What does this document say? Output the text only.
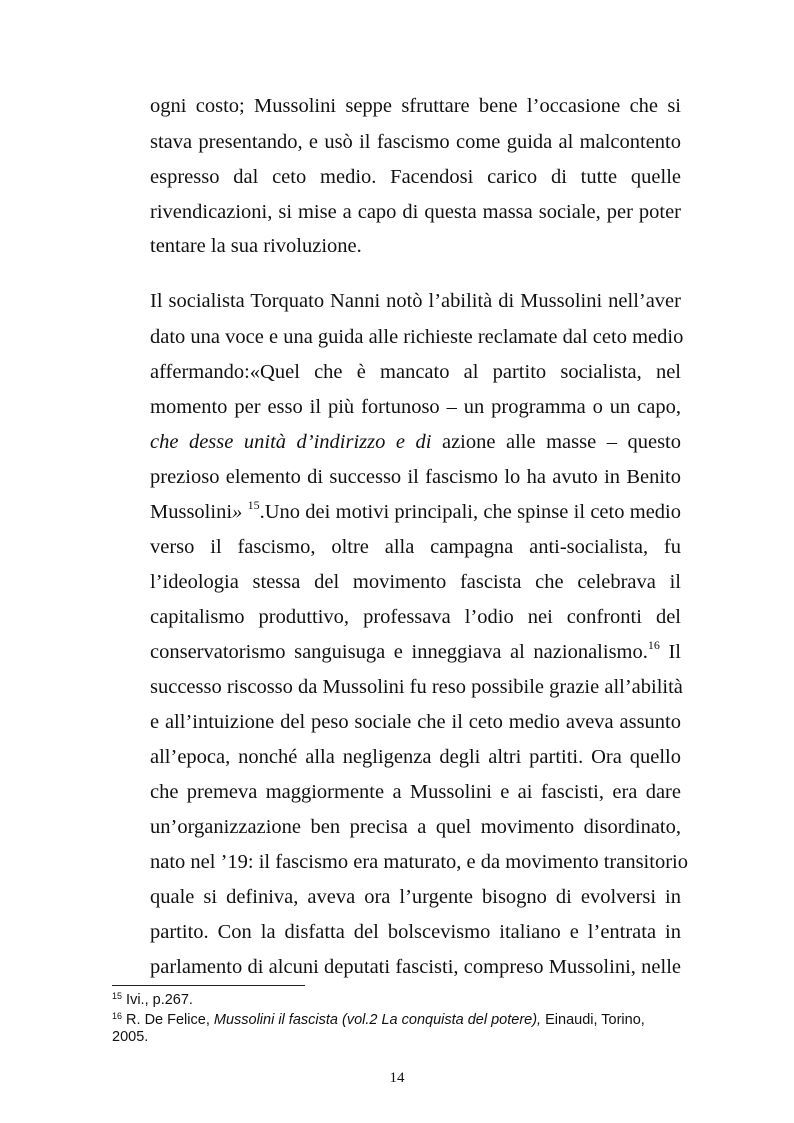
ogni costo; Mussolini seppe sfruttare bene l’occasione che si
stava presentando, e usò il fascismo come guida al malcontento
espresso dal ceto medio. Facendosi carico di tutte quelle
rivendicazioni, si mise a capo di questa massa sociale, per poter
tentare la sua rivoluzione.
Il socialista Torquato Nanni notò l’abilità di Mussolini nell’aver
dato una voce e una guida alle richieste reclamate dal ceto medio
affermando:«Quel che è mancato al partito socialista, nel
momento per esso il più fortunoso – un programma o un capo,
che desse unità d’indirizzo e di azione alle masse – questo
prezioso elemento di successo il fascismo lo ha avuto in Benito
Mussolini» $^{15}$.Uno dei motivi principali, che spinse il ceto medio
verso il fascismo, oltre alla campagna anti-socialista, fu
l’ideologia stessa del movimento fascista che celebrava il
capitalismo produttivo, professava l’odio nei confronti del
conservatorismo sanguisuga e inneggiava al nazionalismo.$^{16}$ Il
successo riscosso da Mussolini fu reso possibile grazie all’abilità
e all’intuizione del peso sociale che il ceto medio aveva assunto
all’epoca, nonché alla negligenza degli altri partiti. Ora quello
che premeva maggiormente a Mussolini e ai fascisti, era dare
un’organizzazione ben precisa a quel movimento disordinato,
nato nel ’19: il fascismo era maturato, e da movimento transitorio
quale si definiva, aveva ora l’urgente bisogno di evolversi in
partito. Con la disfatta del bolscevismo italiano e l’entrata in
parlamento di alcuni deputati fascisti, compreso Mussolini, nelle
$^{15}$ Ivi., p.267.
$^{16}$ R. De Felice, Mussolini il fascista (vol.2 La conquista del potere), Einaudi, Torino,
2005.
14
